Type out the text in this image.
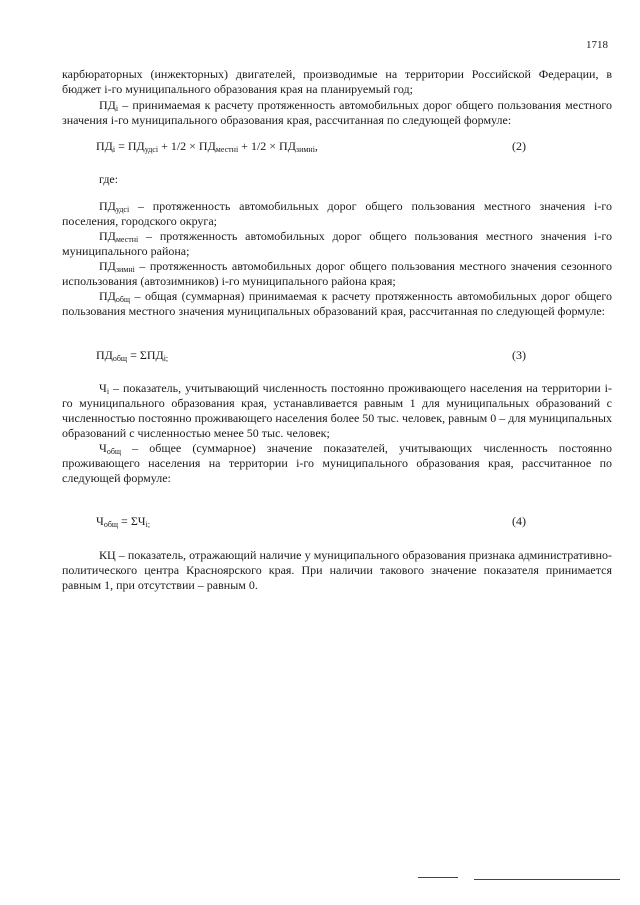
1718

карбюраторных (инжекторных) двигателей, производимые на территории Российской Федерации, в бюджет i-го муниципального образования края на планируемый год;

$ПД_i$ – принимаемая к расчету протяженность автомобильных дорог общего пользования местного значения i-го муниципального образования края, рассчитанная по следующей формуле:

$ПД_i = ПД_{удсi} + 1/2 \times ПД_{местнi} + 1/2 \times ПД_{зимнi}$,	(2)

где:

$ПД_{удсi}$ – протяженность автомобильных дорог общего пользования местного значения i-го поселения, городского округа;

$ПД_{местнi}$ – протяженность автомобильных дорог общего пользования местного значения i-го муниципального района;

$ПД_{зимнi}$ – протяженность автомобильных дорог общего пользования местного значения сезонного использования (автозимников) i-го муниципального района края;

$ПД_{общ}$ – общая (суммарная) принимаемая к расчету протяженность автомобильных дорог общего пользования местного значения муниципальных образований края, рассчитанная по следующей формуле:

$ПД_{общ} = \Sigma ПД_{i;}$	(3)

$Ч_i$ – показатель, учитывающий численность постоянно проживающего населения на территории i-го муниципального образования края, устанавливается равным 1 для муниципальных образований с численностью постоянно проживающего населения более 50 тыс. человек, равным 0 – для муниципальных образований с численностью менее 50 тыс. человек;

$Ч_{общ}$ – общее (суммарное) значение показателей, учитывающих численность постоянно проживающего населения на территории i-го муниципального образования края, рассчитанное по следующей формуле:

$Ч_{общ} = \Sigma Ч_{i;}$	(4)

КЦ – показатель, отражающий наличие у муниципального образования признака административно-политического центра Красноярского края. При наличии такового значение показателя принимается равным 1, при отсутствии – равным 0.
